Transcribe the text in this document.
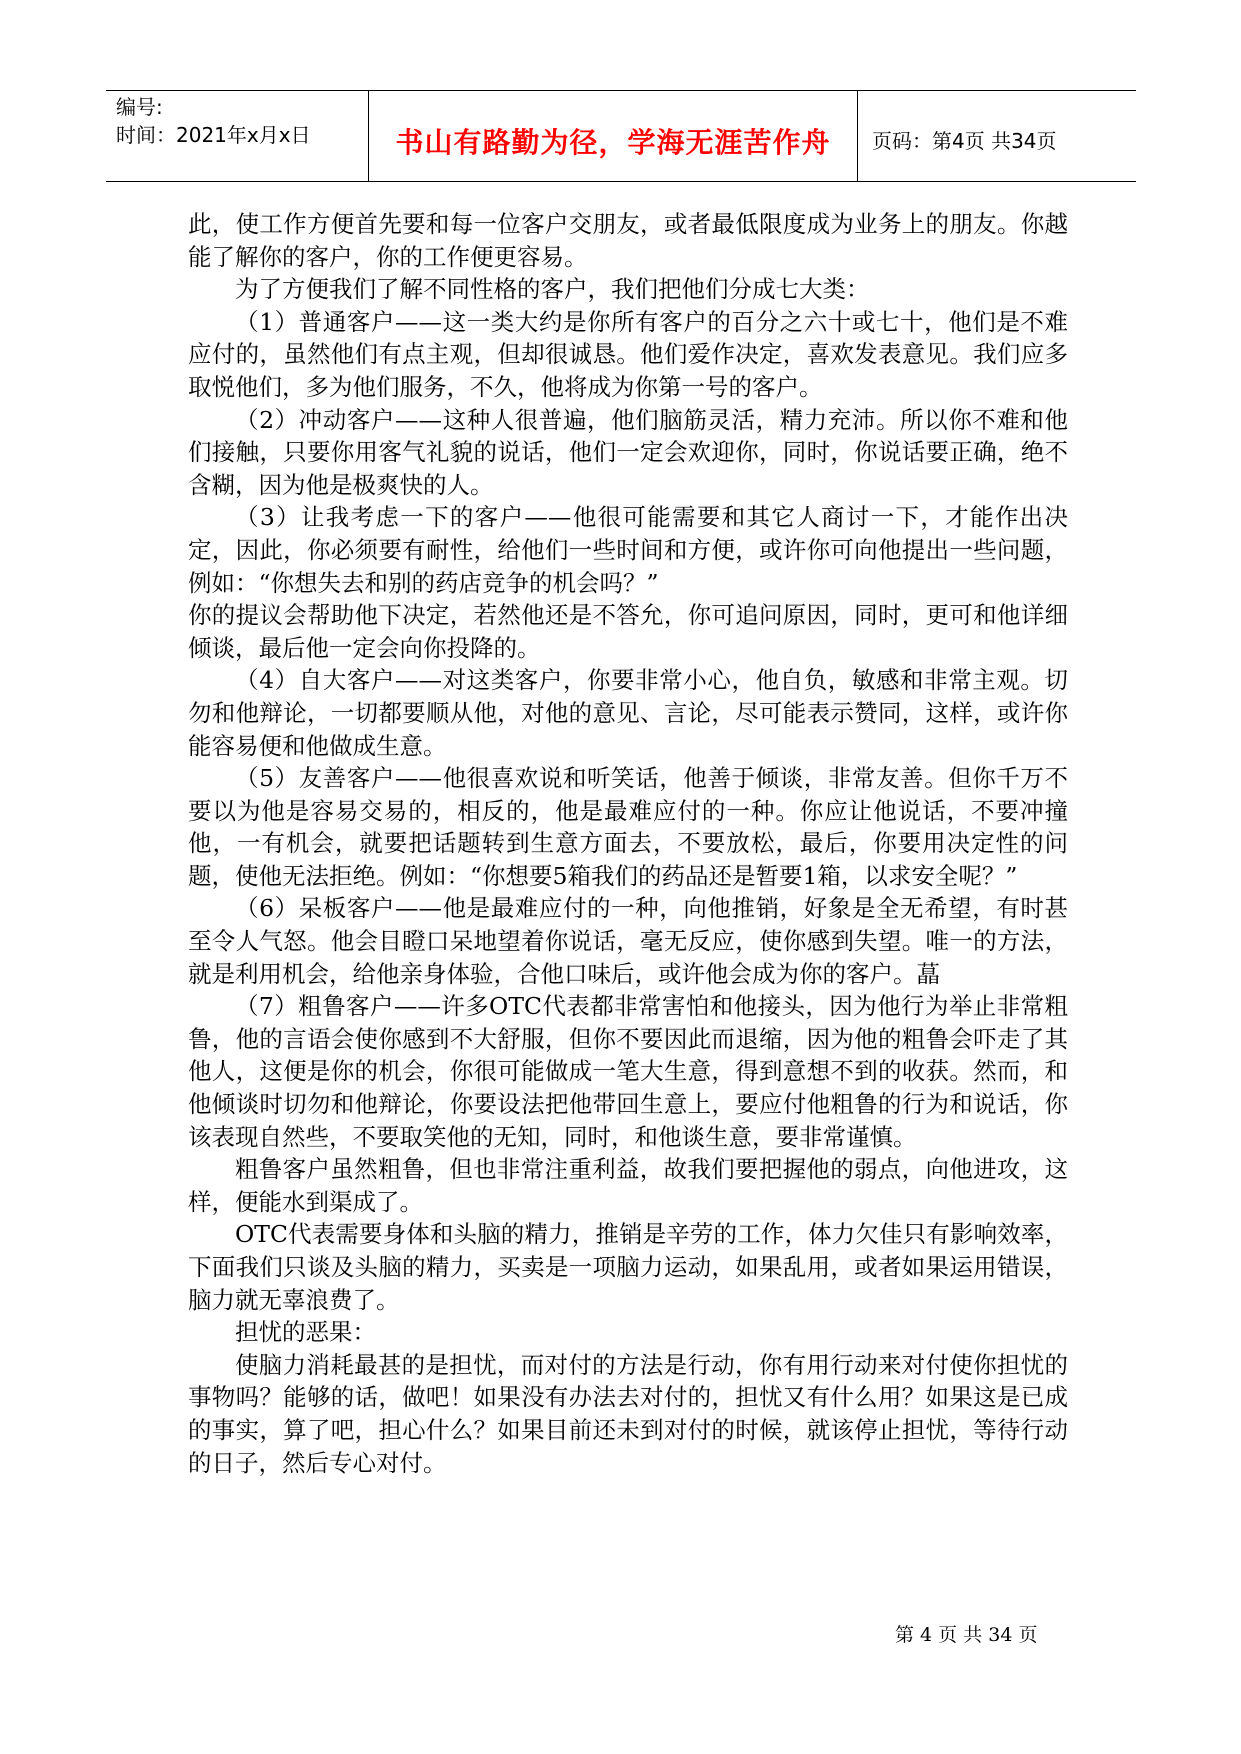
编号:
时间：2021年x月x日	书山有路勤为径，学海无涯苦作舟	页码：第4页 共34页

此，使工作方便首先要和每一位客户交朋友，或者最低限度成为业务上的朋友。你越能了解你的客户，你的工作便更容易。

为了方便我们了解不同性格的客户，我们把他们分成七大类：

（1）普通客户——这一类大约是你所有客户的百分之六十或七十，他们是不难应付的，虽然他们有点主观，但却很诚恳。他们爱作决定，喜欢发表意见。我们应多取悦他们，多为他们服务，不久，他将成为你第一号的客户。

（2）冲动客户——这种人很普遍，他们脑筋灵活，精力充沛。所以你不难和他们接触，只要你用客气礼貌的说话，他们一定会欢迎你，同时，你说话要正确，绝不含糊，因为他是极爽快的人。

（3）让我考虑一下的客户——他很可能需要和其它人商讨一下，才能作出决定，因此，你必须要有耐性，给他们一些时间和方便，或许你可向他提出一些问题，例如：“你想失去和别的药店竞争的机会吗？”

你的提议会帮助他下决定，若然他还是不答允，你可追问原因，同时，更可和他详细倾谈，最后他一定会向你投降的。

（4）自大客户——对这类客户，你要非常小心，他自负，敏感和非常主观。切勿和他辩论，一切都要顺从他，对他的意见、言论，尽可能表示赞同，这样，或许你能容易便和他做成生意。

（5）友善客户——他很喜欢说和听笑话，他善于倾谈，非常友善。但你千万不要以为他是容易交易的，相反的，他是最难应付的一种。你应让他说话，不要冲撞他，一有机会，就要把话题转到生意方面去，不要放松，最后，你要用决定性的问题，使他无法拒绝。例如：“你想要5箱我们的药品还是暂要1箱，以求安全呢？”

（6）呆板客户——他是最难应付的一种，向他推销，好象是全无希望，有时甚至令人气怒。他会目瞪口呆地望着你说话，毫无反应，使你感到失望。唯一的方法，就是利用机会，给他亲身体验，合他口味后，或许他会成为你的客户。蕌

（7）粗鲁客户——许多OTC代表都非常害怕和他接头，因为他行为举止非常粗鲁，他的言语会使你感到不大舒服，但你不要因此而退缩，因为他的粗鲁会吓走了其他人，这便是你的机会，你很可能做成一笔大生意，得到意想不到的收获。然而，和他倾谈时切勿和他辩论，你要设法把他带回生意上，要应付他粗鲁的行为和说话，你该表现自然些，不要取笑他的无知，同时，和他谈生意，要非常谨慎。

粗鲁客户虽然粗鲁，但也非常注重利益，故我们要把握他的弱点，向他进攻，这样，便能水到渠成了。

OTC代表需要身体和头脑的精力，推销是辛劳的工作，体力欠佳只有影响效率，下面我们只谈及头脑的精力，买卖是一项脑力运动，如果乱用，或者如果运用错误，脑力就无辜浪费了。

担忧的恶果：

使脑力消耗最甚的是担忧，而对付的方法是行动，你有用行动来对付使你担忧的事物吗？能够的话，做吧！如果没有办法去对付的，担忧又有什么用？如果这是已成的事实，算了吧，担心什么？如果目前还未到对付的时候，就该停止担忧，等待行动的日子，然后专心对付。

第 4 页 共 34 页
